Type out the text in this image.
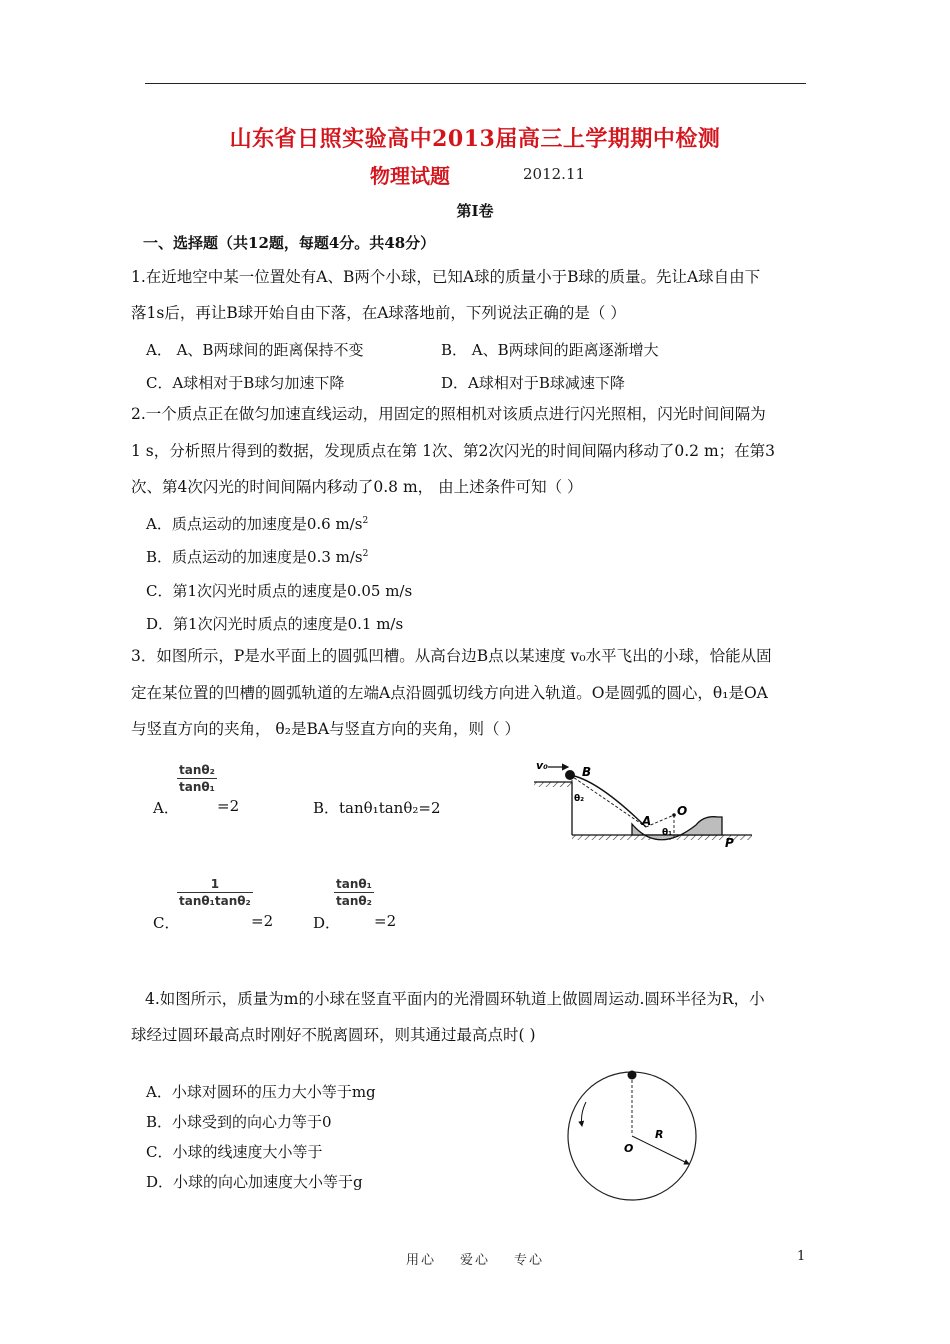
山东省日照实验高中2013届高三上学期期中检测
物理试题	2012.11
第Ⅰ卷
一、选择题（共12题，每题4分。共48分）
1.在近地空中某一位置处有A、B两个小球，已知A球的质量小于B球的质量。先让A球自由下
落1s后，再让B球开始自由下落，在A球落地前，下列说法正确的是（ ）
A． A、B两球间的距离保持不变	B． A、B两球间的距离逐渐增大
C．A球相对于B球匀加速下降	D．A球相对于B球减速下降
2.一个质点正在做匀加速直线运动，用固定的照相机对该质点进行闪光照相，闪光时间间隔为
1 s，分析照片得到的数据，发现质点在第 1次、第2次闪光的时间间隔内移动了0.2 m；在第3
次、第4次闪光的时间间隔内移动了0.8 m， 由上述条件可知（ ）
A．质点运动的加速度是0.6 $m/s^2$
B．质点运动的加速度是0.3 $m/s^2$
C．第1次闪光时质点的速度是0.05 m/s
D．第1次闪光时质点的速度是0.1 m/s
3．如图所示，P是水平面上的圆弧凹槽。从高台边B点以某速度 v₀水平飞出的小球，恰能从固
定在某位置的凹槽的圆弧轨道的左端A点沿圆弧切线方向进入轨道。O是圆弧的圆心，θ₁是OA
与竖直方向的夹角， θ₂是BA与竖直方向的夹角，则（ ）
A．
tanθ₂
tanθ₁
=2	B．tanθ₁tanθ₂=2
C．
1
tanθ₁tanθ₂
=2	D．
tanθ₁
tanθ₂
=2
v₀	B
θ₂
A
O
θ₁
P
4.如图所示，质量为m的小球在竖直平面内的光滑圆环轨道上做圆周运动.圆环半径为R，小
球经过圆环最高点时刚好不脱离圆环，则其通过最高点时( )
A．小球对圆环的压力大小等于mg
B．小球受到的向心力等于0
C．小球的线速度大小等于
D．小球的向心加速度大小等于g
O
R
用心 爱心 专心	1
